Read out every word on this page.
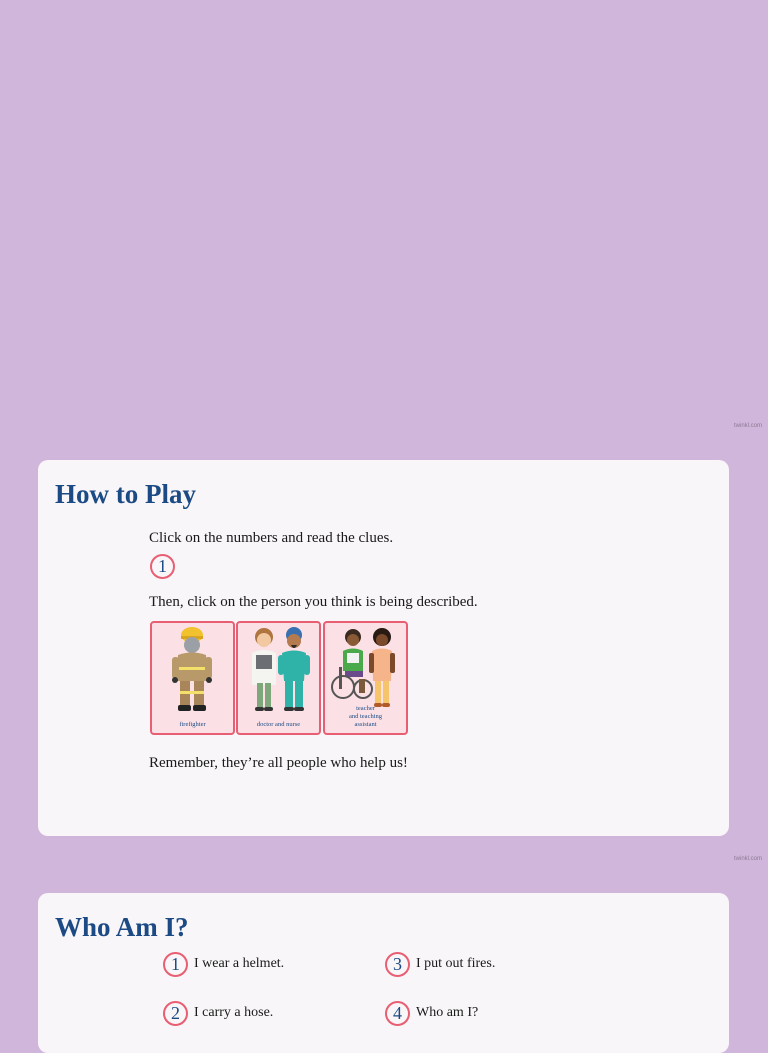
twinkl.com
How to Play
Click on the numbers and read the clues.
1
Then, click on the person you think is being described.
firefighter	doctor and nurse
teacher
and teaching
assistant
Remember, they’re all people who help us!
twinkl.com
Who Am I?
1	I wear a helmet.
2	I carry a hose.
3	I put out fires.
4	Who am I?
